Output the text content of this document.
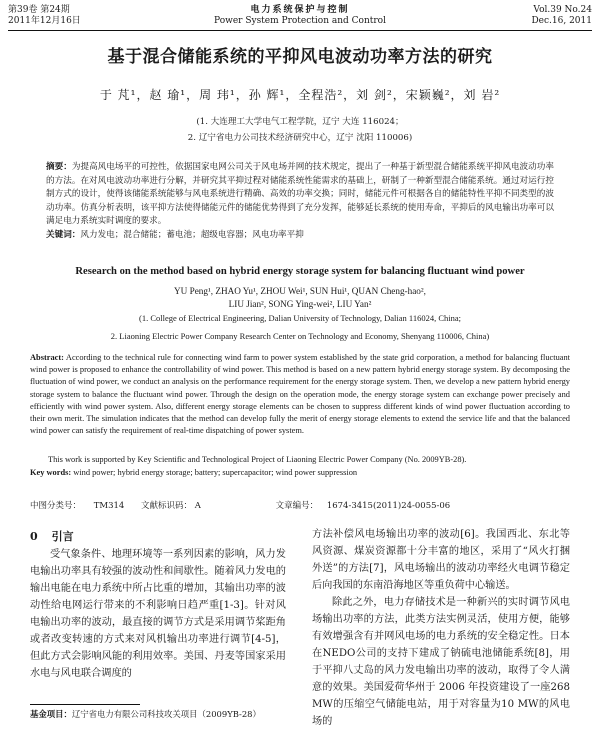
第39卷 第24期
2011年12月16日
电力系统保护与控制
Power System Protection and Control
Vol.39 No.24
Dec.16, 2011
基于混合储能系统的平抑风电波动功率方法的研究
于 芃¹，赵 瑜¹，周 玮¹，孙 辉¹，全程浩²，刘 剑²，宋颖巍²，刘 岩²
(1. 大连理工大学电气工程学院，辽宁 大连 116024；
2. 辽宁省电力公司技术经济研究中心，辽宁 沈阳 110006)
摘要：为提高风电场平的可控性，依据国家电网公司关于风电场并网的技术规定，提出了一种基于新型混合储能系统平抑风电波动功率的方法。在对风电波动功率进行分解，并研究其平抑过程对储能系统性能需求的基础上，研制了一种新型混合储能系统。通过对运行控制方式的设计，使得该储能系统能够与风电系统进行精确、高效的功率交换；同时，储能元件可根据各自的储能特性平抑不同类型的波动功率。仿真分析表明，该平抑方法使得储能元件的储能优势得到了充分发挥，能够延长系统的使用寿命，平抑后的风电输出功率可以满足电力系统实时调度的要求。
关键词：风力发电；混合储能；蓄电池；超级电容器；风电功率平抑
Research on the method based on hybrid energy storage system for balancing fluctuant wind power
YU Peng¹, ZHAO Yu¹, ZHOU Wei¹, SUN Hui¹, QUAN Cheng-hao²,
LIU Jian², SONG Ying-wei², LIU Yan²
(1. College of Electrical Engineering, Dalian University of Technology, Dalian 116024, China;
2. Liaoning Electric Power Company Research Center on Technology and Economy, Shenyang 110006, China)
Abstract: According to the technical rule for connecting wind farm to power system established by the state grid corporation, a method for balancing fluctuant wind power is proposed to enhance the controllability of wind power. This method is based on a new pattern hybrid energy storage system. By decomposing the fluctuation of wind power, we conduct an analysis on the performance requirement for the energy storage system. Then, we develop a new pattern hybrid energy storage system to balance the fluctuant wind power. Through the design on the operation mode, the energy storage system can exchange power precisely and efficiently with wind power system. Also, different energy storage elements can be chosen to suppress different kinds of wind power fluctuation according to their own merit. The simulation indicates that the method can develop fully the merit of energy storage elements to extend the service life and that the balanced wind power can satisfy the requirement of real-time dispatching of power system.
This work is supported by Key Scientific and Technological Project of Liaoning Electric Power Company (No. 2009YB-28).
Key words: wind power; hybrid energy storage; battery; supercapacitor; wind power suppression
中图分类号： TM314 文献标识码： A	文章编号： 1674-3415(2011)24-0055-06
0 引言
受气象条件、地理环境等一系列因素的影响，风力发电输出功率具有较强的波动性和间歇性。随着风力发电的输出电能在电力系统中所占比重的增加，其输出功率的波动性给电网运行带来的不利影响日趋严重[1-3]。针对风电输出功率的波动，最直接的调节方式是采用调节桨距角或者改变转速的方式来对风机输出功率进行调节[4-5]，但此方式会影响风能的利用效率。美国、丹麦等国家采用水电与风电联合调度的

方法补偿风电场输出功率的波动[6]。我国西北、东北等风资源、煤炭资源都十分丰富的地区，采用了“风火打捆外送”的方法[7]，风电场输出的波动功率经火电调节稳定后向我国的东南沿海地区等重负荷中心输送。

除此之外，电力存储技术是一种新兴的实时调节风电场输出功率的方法，此类方法实例灵活，使用方便，能够有效增强含有并网风电场的电力系统的安全稳定性。日本在NEDO公司的支持下建成了钠硫电池储能系统[8]，用于平抑八丈岛的风力发电输出功率的波动，取得了令人满意的效果。美国爱荷华州于 2006 年投资建设了一座268 MW的压缩空气储能电站，用于对容量为10 MW的风电场的

基金项目：辽宁省电力有限公司科技攻关项目（2009YB-28）
